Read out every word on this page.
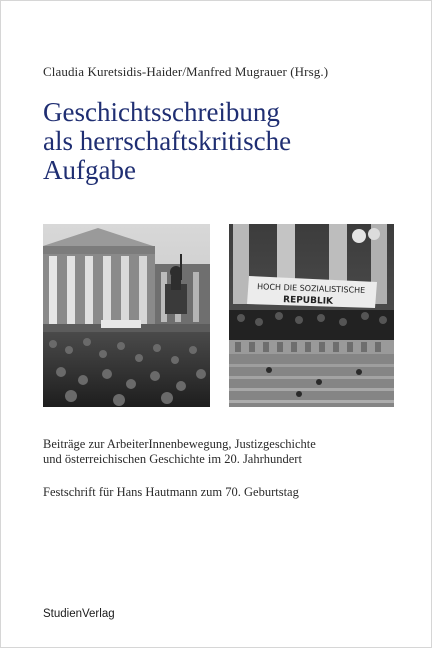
Claudia Kuretsidis-Haider/Manfred Mugrauer (Hrsg.)
Geschichtsschreibung
als herrschaftskritische
Aufgabe
HOCH DIE SOZIALISTISCHE
REPUBLIK

Beiträge zur ArbeiterInnenbewegung, Justizgeschichte
und österreichischen Geschichte im 20. Jahrhundert

Festschrift für Hans Hautmann zum 70. Geburtstag
StudienVerlag
